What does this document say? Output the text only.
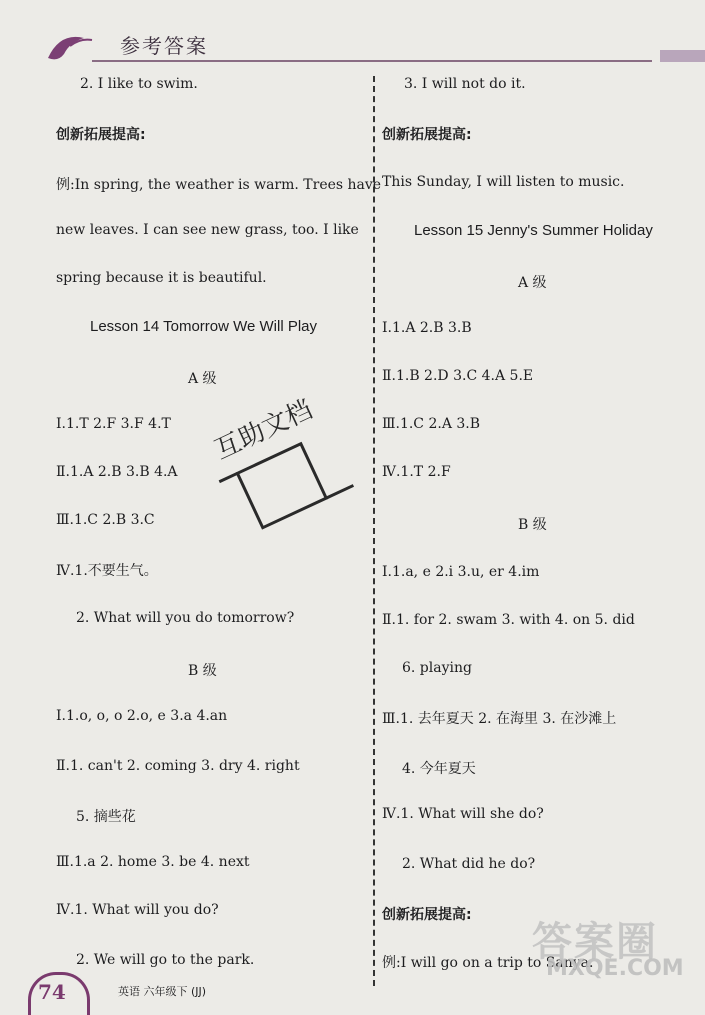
参考答案
2. I like to swim.
创新拓展提高:
例:In spring, the weather is warm. Trees have
new leaves. I can see new grass, too. I like
spring because it is beautiful.
Lesson 14 Tomorrow We Will Play
A 级
Ⅰ.1.T 2.F 3.F 4.T
Ⅱ.1.A 2.B 3.B 4.A
Ⅲ.1.C 2.B 3.C
Ⅳ.1.不要生气。
2. What will you do tomorrow?
B 级
Ⅰ.1.o, o, o 2.o, e 3.a 4.an
Ⅱ.1. can't 2. coming 3. dry 4. right
5. 摘些花
Ⅲ.1.a 2. home 3. be 4. next
Ⅳ.1. What will you do?
2. We will go to the park.
3. I will not do it.
创新拓展提高:
This Sunday, I will listen to music.
Lesson 15 Jenny's Summer Holiday
A 级
Ⅰ.1.A 2.B 3.B
Ⅱ.1.B 2.D 3.C 4.A 5.E
Ⅲ.1.C 2.A 3.B
Ⅳ.1.T 2.F
B 级
Ⅰ.1.a, e 2.i 3.u, er 4.im
Ⅱ.1. for 2. swam 3. with 4. on 5. did
6. playing
Ⅲ.1. 去年夏天 2. 在海里 3. 在沙滩上
4. 今年夏天
Ⅳ.1. What will she do?
2. What did he do?
创新拓展提高:
例:I will go on a trip to Sanya.
互助文档
74	英语 六年级下 (JJ)
答案圈
MXQE.COM
